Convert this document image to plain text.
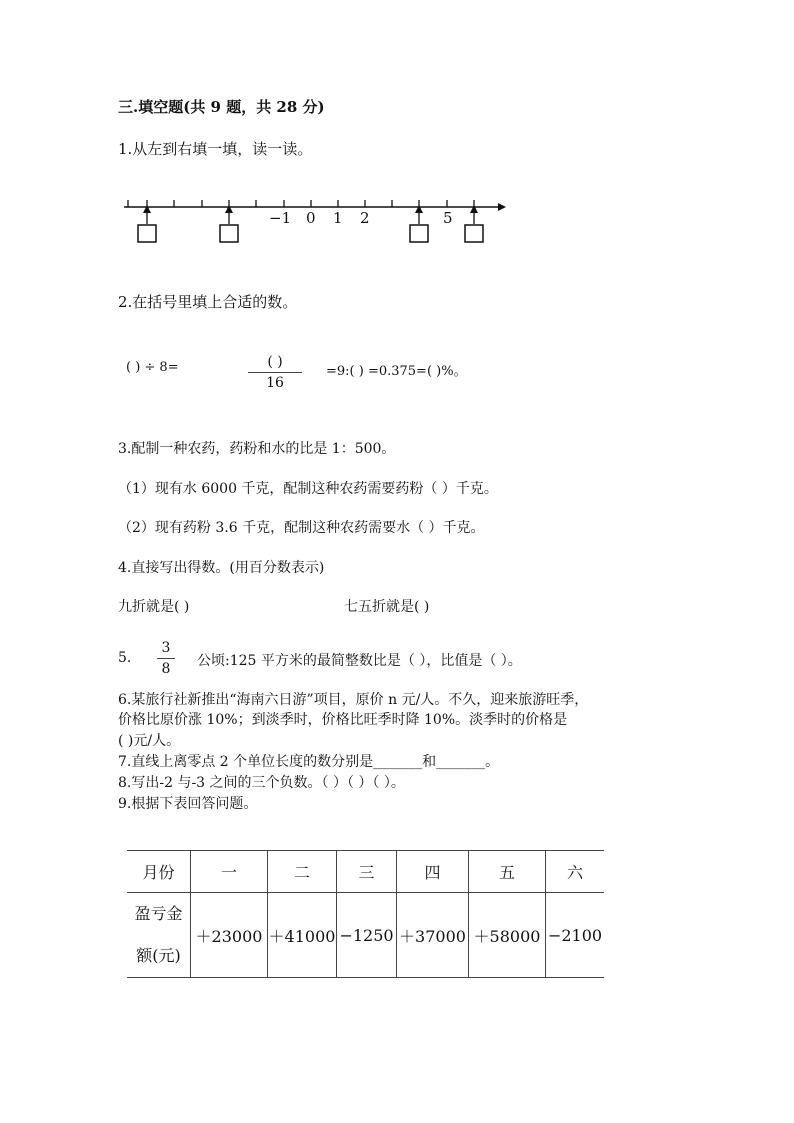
三.填空题(共 9 题，共 28 分)
1.从左到右填一填，读一读。
−1 0 1 2	5
2.在括号里填上合适的数。
( ) ÷ 8=	( )
16
=9:( ) =0.375=( )%。
3.配制一种农药，药粉和水的比是 1：500。
（1）现有水 6000 千克，配制这种农药需要药粉（ ）千克。
（2）现有药粉 3.6 千克，配制这种农药需要水（ ）千克。
4.直接写出得数。(用百分数表示)
九折就是( )	七五折就是( )
5.
3
8	公顷:125 平方米的最简整数比是（ ），比值是（ ）。
6.某旅行社新推出“海南六日游”项目，原价 n 元/人。不久，迎来旅游旺季，
价格比原价涨 10%；到淡季时，价格比旺季时降 10%。淡季时的价格是
( )元/人。
7.直线上离零点 2 个单位长度的数分别是_______和_______。
8.写出-2 与-3 之间的三个负数。（ ）（ ）（ ）。
9.根据下表回答问题。
月份	一	二	三	四	五	六

盈亏金
额(元)	＋23000	＋41000	−1250	＋37000	＋58000	−2100
